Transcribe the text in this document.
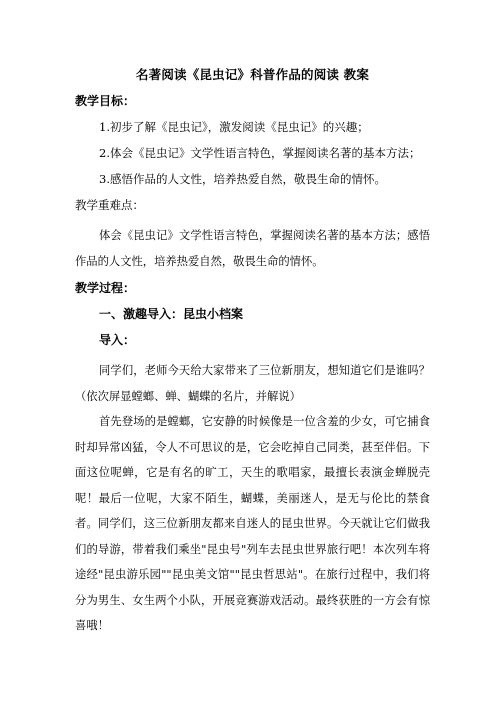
名著阅读《昆虫记》科普作品的阅读 教案
教学目标：
1.初步了解《昆虫记》，激发阅读《昆虫记》的兴趣；
2.体会《昆虫记》文学性语言特色，掌握阅读名著的基本方法；
3.感悟作品的人文性，培养热爱自然，敬畏生命的情怀。
教学重难点：

体会《昆虫记》文学性语言特色，掌握阅读名著的基本方法；感悟作品的人文性，培养热爱自然，敬畏生命的情怀。

教学过程：
一、激趣导入：昆虫小档案
导入：

同学们，老师今天给大家带来了三位新朋友，想知道它们是谁吗？（依次屏显螳螂、蝉、蝴蝶的名片，并解说）

首先登场的是螳螂，它安静的时候像是一位含羞的少女，可它捕食时却异常凶猛，令人不可思议的是，它会吃掉自己同类，甚至伴侣。下面这位呢蝉，它是有名的旷工，天生的歌唱家，最擅长表演金蝉脱壳呢！最后一位呢，大家不陌生，蝴蝶，美丽迷人，是无与伦比的禁食者。同学们，这三位新朋友都来自迷人的昆虫世界。今天就让它们做我们的导游，带着我们乘坐"昆虫号"列车去昆虫世界旅行吧！本次列车将途经"昆虫游乐园""昆虫美文馆""昆虫哲思站"。在旅行过程中，我们将分为男生、女生两个小队，开展竞赛游戏活动。最终获胜的一方会有惊喜哦！
